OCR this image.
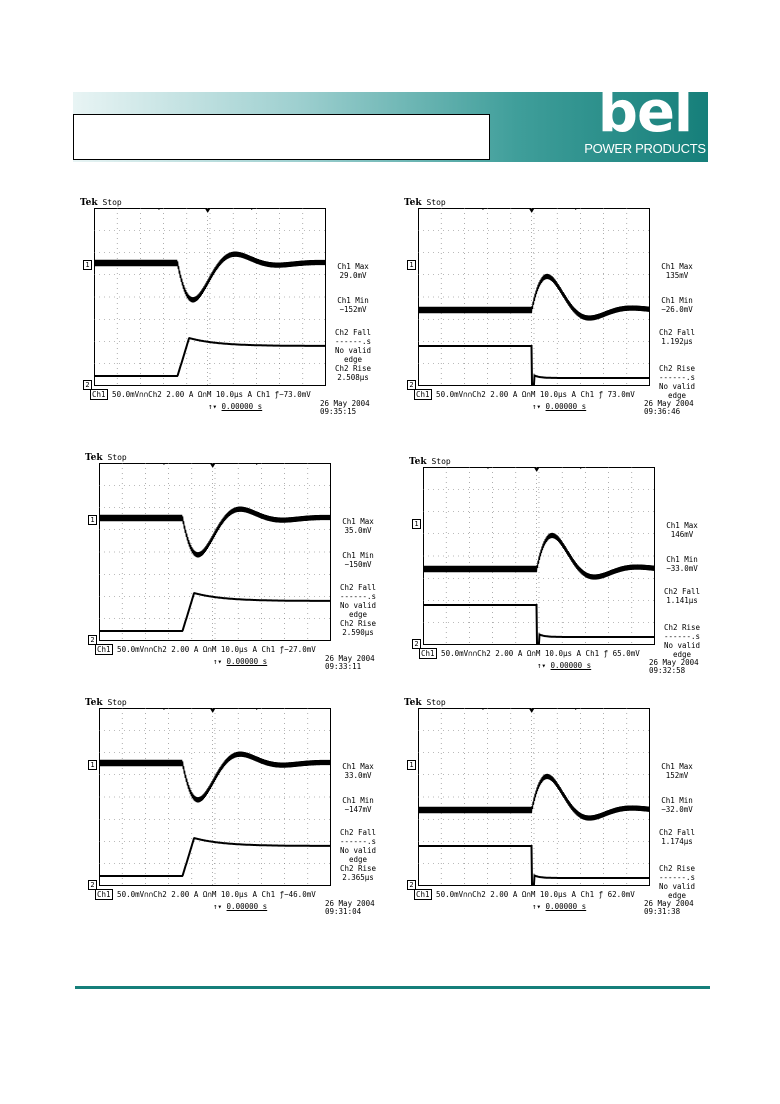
bel
POWER PRODUCTS
Tek Stop
1
2
Ch1 Max
29.0mV
Ch1 Min
−152mV
Ch2 Fall
------.s
No valid
edge
Ch2 Rise
2.508μs
Ch1 50.0mV∩∩Ch2 2.00 A Ω∩M 10.0μs A Ch1 ƒ−73.0mV
↑▾ 0.00000 s	26 May 2004
09:35:15
Tek Stop
1
2
Ch1 Max
135mV
Ch1 Min
−26.0mV
Ch2 Fall
1.192μs
Ch2 Rise
------.s
No valid
edge
Ch1 50.0mV∩∩Ch2 2.00 A Ω∩M 10.0μs A Ch1 ƒ 73.0mV
↑▾ 0.00000 s	26 May 2004
09:36:46
Tek Stop
1
2
Ch1 Max
35.0mV
Ch1 Min
−150mV
Ch2 Fall
------.s
No valid
edge
Ch2 Rise
2.590μs
Ch1 50.0mV∩∩Ch2 2.00 A Ω∩M 10.0μs A Ch1 ƒ−27.0mV
↑▾ 0.00000 s	26 May 2004
09:33:11
Tek Stop
1
2
Ch1 Max
146mV
Ch1 Min
−33.0mV
Ch2 Fall
1.141μs
Ch2 Rise
------.s
No valid
edge
Ch1 50.0mV∩∩Ch2 2.00 A Ω∩M 10.0μs A Ch1 ƒ 65.0mV
↑▾ 0.00000 s	26 May 2004
09:32:58
Tek Stop
1
2
Ch1 Max
33.0mV
Ch1 Min
−147mV
Ch2 Fall
------.s
No valid
edge
Ch2 Rise
2.365μs
Ch1 50.0mV∩∩Ch2 2.00 A Ω∩M 10.0μs A Ch1 ƒ−46.0mV
↑▾ 0.00000 s	26 May 2004
09:31:04
Tek Stop
1
2
Ch1 Max
152mV
Ch1 Min
−32.0mV
Ch2 Fall
1.174μs
Ch2 Rise
------.s
No valid
edge
Ch1 50.0mV∩∩Ch2 2.00 A Ω∩M 10.0μs A Ch1 ƒ 62.0mV
↑▾ 0.00000 s	26 May 2004
09:31:38
